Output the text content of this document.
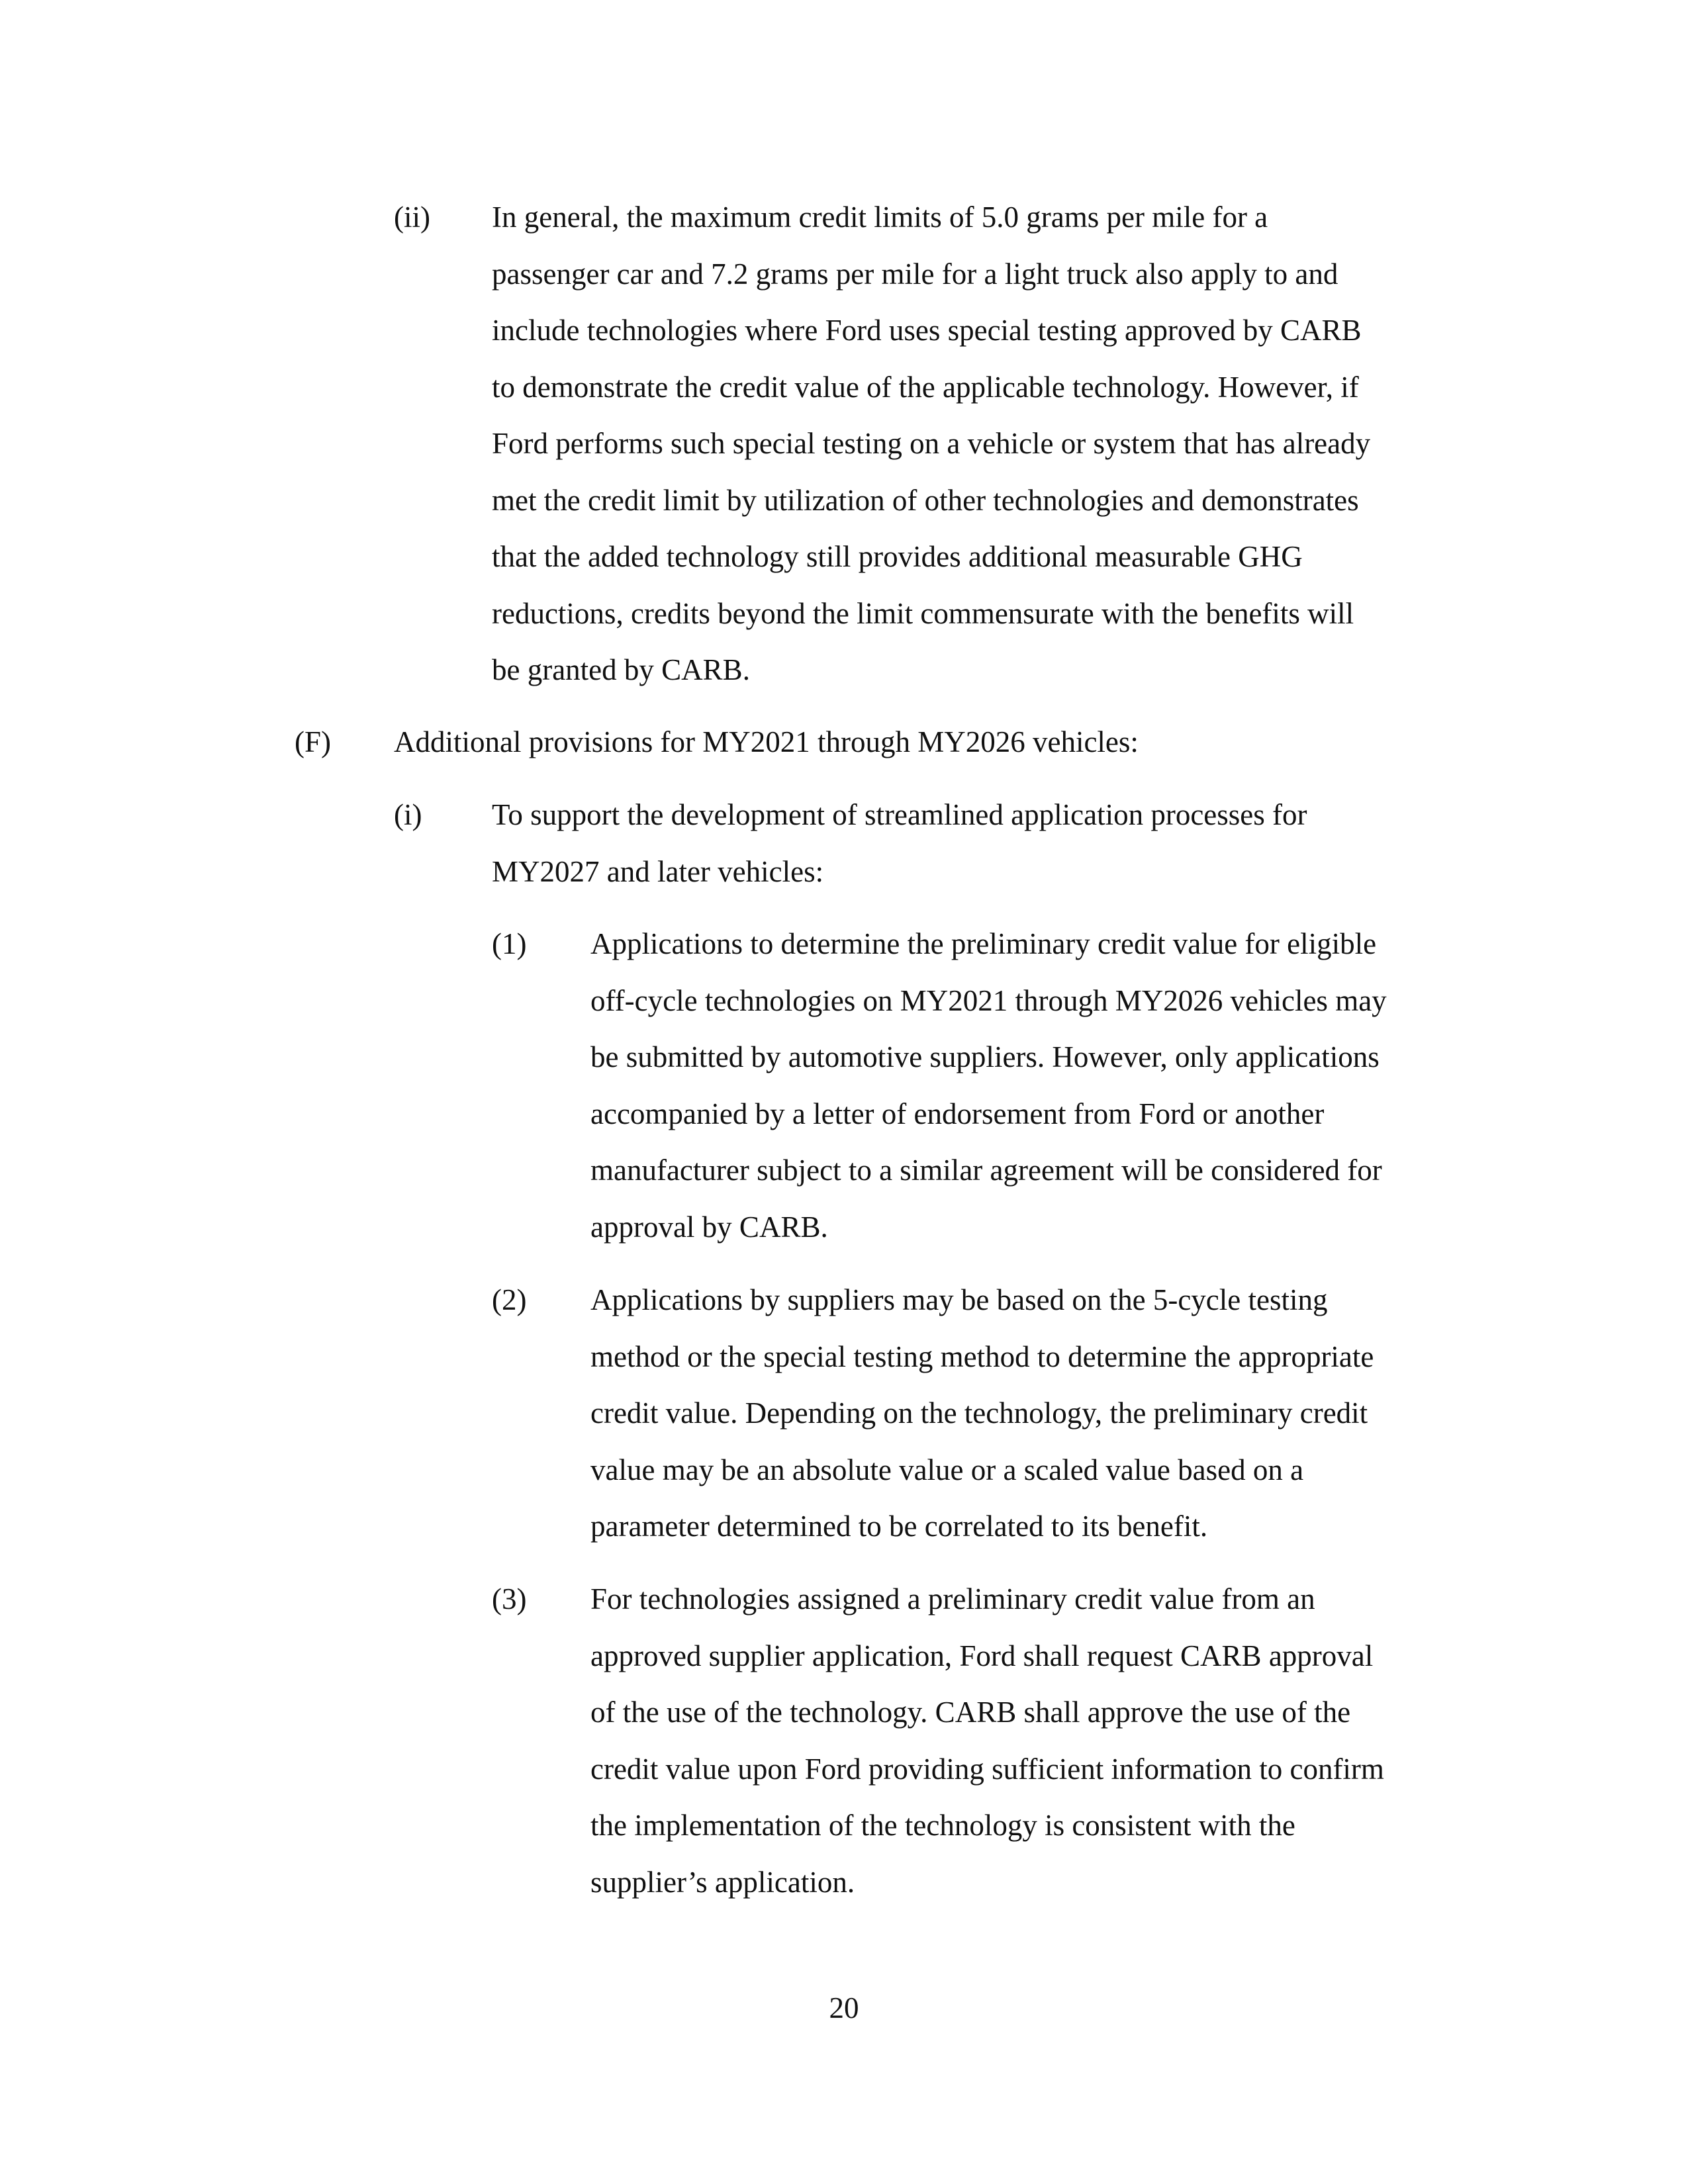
(ii) In general, the maximum credit limits of 5.0 grams per mile for a
passenger car and 7.2 grams per mile for a light truck also apply to and
include technologies where Ford uses special testing approved by CARB
to demonstrate the credit value of the applicable technology. However, if
Ford performs such special testing on a vehicle or system that has already
met the credit limit by utilization of other technologies and demonstrates
that the added technology still provides additional measurable GHG
reductions, credits beyond the limit commensurate with the benefits will
be granted by CARB.
(F) Additional provisions for MY2021 through MY2026 vehicles:
(i) To support the development of streamlined application processes for
MY2027 and later vehicles:
(1) Applications to determine the preliminary credit value for eligible
off-cycle technologies on MY2021 through MY2026 vehicles may
be submitted by automotive suppliers. However, only applications
accompanied by a letter of endorsement from Ford or another
manufacturer subject to a similar agreement will be considered for
approval by CARB.
(2) Applications by suppliers may be based on the 5-cycle testing
method or the special testing method to determine the appropriate
credit value. Depending on the technology, the preliminary credit
value may be an absolute value or a scaled value based on a
parameter determined to be correlated to its benefit.
(3) For technologies assigned a preliminary credit value from an
approved supplier application, Ford shall request CARB approval
of the use of the technology. CARB shall approve the use of the
credit value upon Ford providing sufficient information to confirm
the implementation of the technology is consistent with the
supplier’s application.
20
